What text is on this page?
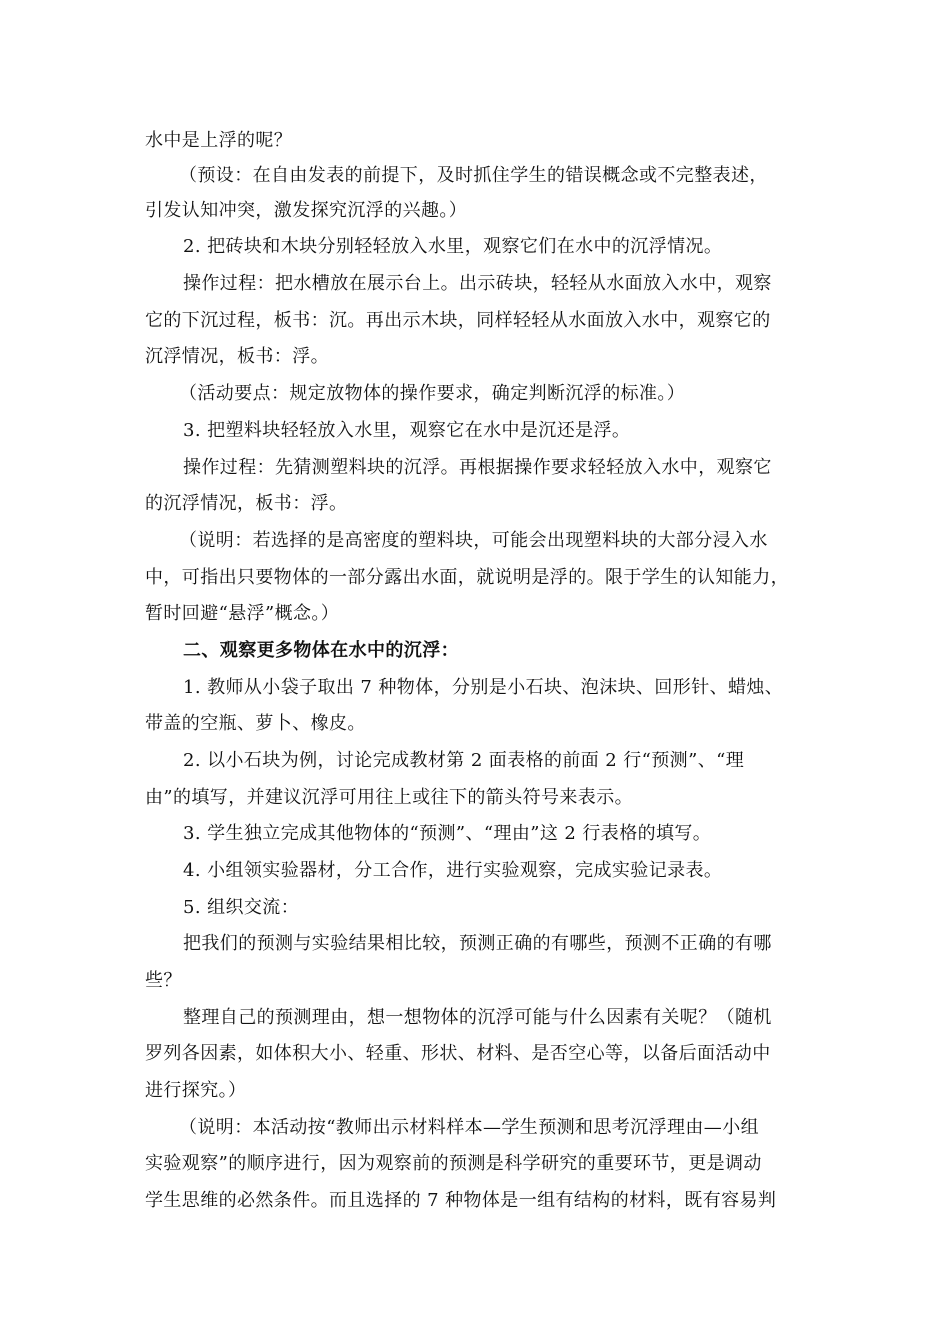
水中是上浮的呢？
（预设：在自由发表的前提下，及时抓住学生的错误概念或不完整表述，
引发认知冲突，激发探究沉浮的兴趣。）
2. 把砖块和木块分别轻轻放入水里，观察它们在水中的沉浮情况。
操作过程：把水槽放在展示台上。出示砖块，轻轻从水面放入水中，观察
它的下沉过程，板书：沉。再出示木块，同样轻轻从水面放入水中，观察它的
沉浮情况，板书：浮。
（活动要点：规定放物体的操作要求，确定判断沉浮的标准。）
3. 把塑料块轻轻放入水里，观察它在水中是沉还是浮。
操作过程：先猜测塑料块的沉浮。再根据操作要求轻轻放入水中，观察它
的沉浮情况，板书：浮。
（说明：若选择的是高密度的塑料块，可能会出现塑料块的大部分浸入水
中，可指出只要物体的一部分露出水面，就说明是浮的。限于学生的认知能力，
暂时回避“悬浮”概念。）
二、观察更多物体在水中的沉浮：
1. 教师从小袋子取出 7 种物体，分别是小石块、泡沫块、回形针、蜡烛、
带盖的空瓶、萝卜、橡皮。
2. 以小石块为例，讨论完成教材第 2 面表格的前面 2 行“预测”、“理
由”的填写，并建议沉浮可用往上或往下的箭头符号来表示。
3. 学生独立完成其他物体的“预测”、“理由”这 2 行表格的填写。
4. 小组领实验器材，分工合作，进行实验观察，完成实验记录表。
5. 组织交流：
把我们的预测与实验结果相比较，预测正确的有哪些，预测不正确的有哪
些？
整理自己的预测理由，想一想物体的沉浮可能与什么因素有关呢？（随机
罗列各因素，如体积大小、轻重、形状、材料、是否空心等，以备后面活动中
进行探究。）
（说明：本活动按“教师出示材料样本—学生预测和思考沉浮理由—小组
实验观察”的顺序进行，因为观察前的预测是科学研究的重要环节，更是调动
学生思维的必然条件。而且选择的 7 种物体是一组有结构的材料，既有容易判
